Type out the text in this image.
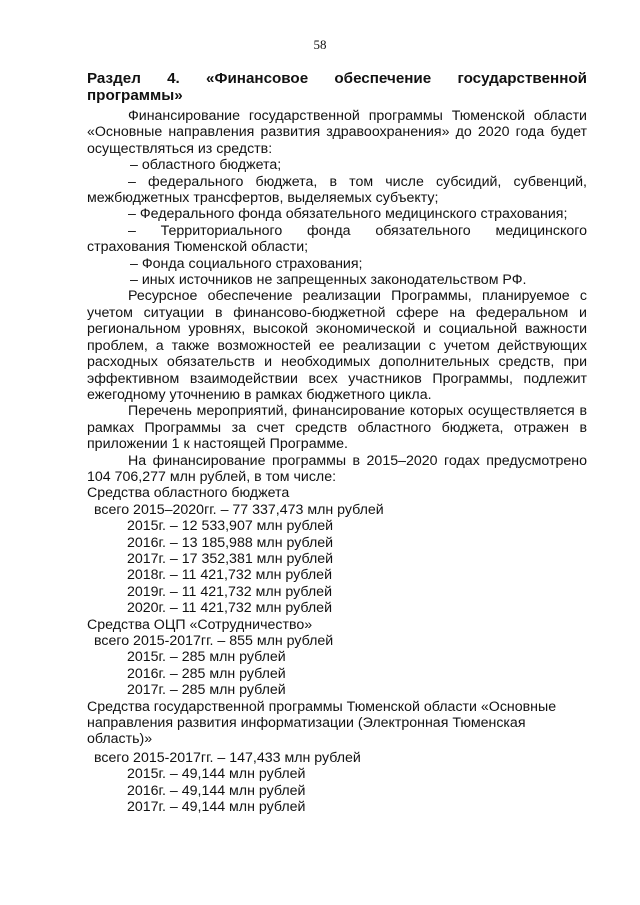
58
Раздел 4. «Финансовое обеспечение государственной
программы»

Финансирование государственной программы Тюменской области «Основные направления развития здравоохранения» до 2020 года будет осуществляться из средств:

– областного бюджета;

– федерального бюджета, в том числе субсидий, субвенций, межбюджетных трансфертов, выделяемых субъекту;

– Федерального фонда обязательного медицинского страхования;

– Территориального фонда обязательного медицинского страхования Тюменской области;

– Фонда социального страхования;

– иных источников не запрещенных законодательством РФ.

Ресурсное обеспечение реализации Программы, планируемое с учетом ситуации в финансово-бюджетной сфере на федеральном и региональном уровнях, высокой экономической и социальной важности проблем, а также возможностей ее реализации с учетом действующих расходных обязательств и необходимых дополнительных средств, при эффективном взаимодействии всех участников Программы, подлежит ежегодному уточнению в рамках бюджетного цикла.

Перечень мероприятий, финансирование которых осуществляется в рамках Программы за счет средств областного бюджета, отражен в приложении 1 к настоящей Программе.

На финансирование программы в 2015–2020 годах предусмотрено

104 706,277 млн рублей, в том числе:

Средства областного бюджета

всего 2015–2020гг. – 77 337,473 млн рублей

2015г. – 12 533,907 млн рублей

2016г. – 13 185,988 млн рублей

2017г. – 17 352,381 млн рублей

2018г. – 11 421,732 млн рублей

2019г. – 11 421,732 млн рублей

2020г. – 11 421,732 млн рублей

Средства ОЦП «Сотрудничество»

всего 2015-2017гг. – 855 млн рублей

2015г. – 285 млн рублей

2016г. – 285 млн рублей

2017г. – 285 млн рублей

Средства государственной программы Тюменской области «Основные

направления развития информатизации (Электронная Тюменская

область)»

всего 2015-2017гг. – 147,433 млн рублей

2015г. – 49,144 млн рублей

2016г. – 49,144 млн рублей

2017г. – 49,144 млн рублей
